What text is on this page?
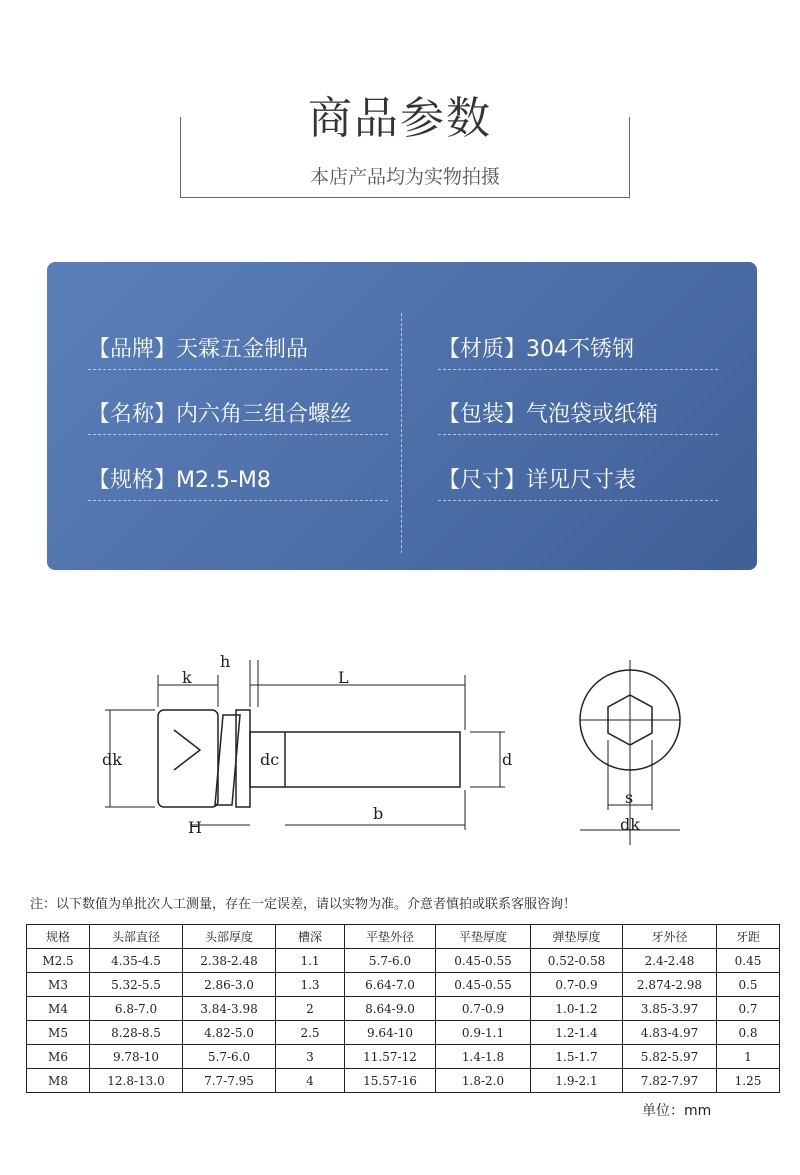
商品参数
本店产品均为实物拍摄
【品牌】天霖五金制品	【材质】304不锈钢
【名称】内六角三组合螺丝	【包装】气泡袋或纸箱
【规格】M2.5-M8	【尺寸】详见尺寸表
k
h
L
dk	dc	d
H
b
s
dk
注：以下数值为单批次人工测量，存在一定误差，请以实物为准。介意者慎拍或联系客服咨询！
规格	头部直径	头部厚度	槽深	平垫外径	平垫厚度	弹垫厚度	牙外径	牙距
M2.5	4.35-4.5	2.38-2.48	1.1	5.7-6.0	0.45-0.55	0.52-0.58	2.4-2.48	0.45
M3	5.32-5.5	2.86-3.0	1.3	6.64-7.0	0.45-0.55	0.7-0.9	2.874-2.98	0.5
M4	6.8-7.0	3.84-3.98	2	8.64-9.0	0.7-0.9	1.0-1.2	3.85-3.97	0.7
M5	8.28-8.5	4.82-5.0	2.5	9.64-10	0.9-1.1	1.2-1.4	4.83-4.97	0.8
M6	9.78-10	5.7-6.0	3	11.57-12	1.4-1.8	1.5-1.7	5.82-5.97	1
M8	12.8-13.0	7.7-7.95	4	15.57-16	1.8-2.0	1.9-2.1	7.82-7.97	1.25
单位：mm
